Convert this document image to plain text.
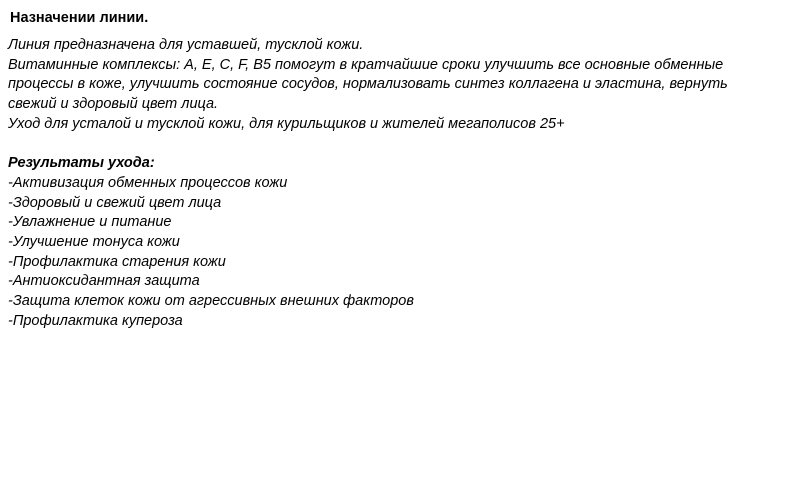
Назначении линии.

Линия предназначена для уставшей, тусклой кожи.

Витаминные комплексы: А, Е, С, F, В5 помогут в кратчайшие сроки улучшить все основные обменные процессы в коже, улучшить состояние сосудов, нормализовать синтез коллагена и эластина, вернуть свежий и здоровый цвет лица.

Уход для усталой и тусклой кожи, для курильщиков и жителей мегаполисов 25+

Результаты ухода:

-Активизация обменных процессов кожи
-Здоровый и свежий цвет лица
-Увлажнение и питание
-Улучшение тонуса кожи
-Профилактика старения кожи
-Антиоксидантная защита
-Защита клеток кожи от агрессивных внешних факторов
-Профилактика купероза
